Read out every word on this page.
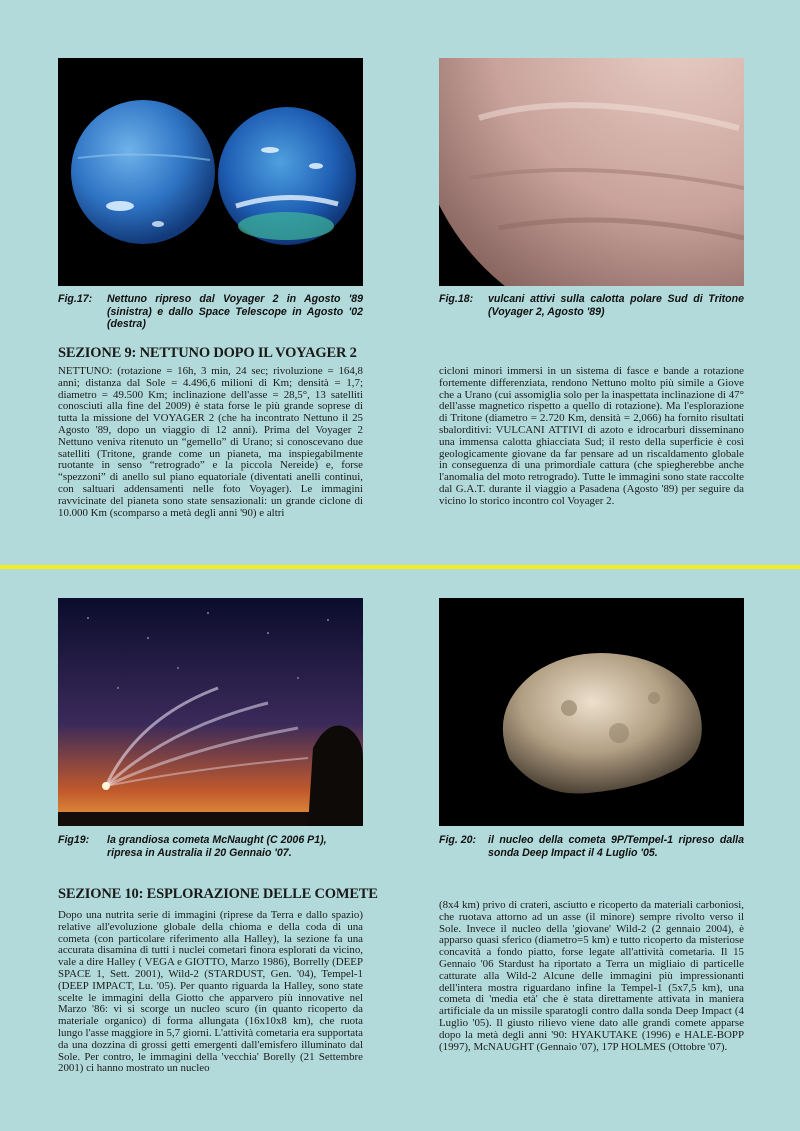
Fig.17: Nettuno ripreso dal Voyager 2 in Agosto '89 (sinistra) e dallo Space Telescope in Agosto '02 (destra)
Fig.18: vulcani attivi sulla calotta polare Sud di Tritone (Voyager 2, Agosto '89)
SEZIONE 9: NETTUNO DOPO IL VOYAGER 2
NETTUNO: (rotazione = 16h, 3 min, 24 sec; rivoluzione = 164,8 anni; distanza dal Sole = 4.496,6 milioni di Km; densità = 1,7; diametro = 49.500 Km; inclinazione dell'asse = 28,5°, 13 satelliti conosciuti alla fine del 2009) è stata forse le più grande soprese di tutta la missione del VOYAGER 2 (che ha incontrato Nettuno il 25 Agosto '89, dopo un viaggio di 12 anni). Prima del Voyager 2 Nettuno veniva ritenuto un “gemello” di Urano; si conoscevano due satelliti (Tritone, grande come un pianeta, ma inspiegabilmente ruotante in senso “retrogrado” e la piccola Nereide) e, forse “spezzoni” di anello sul piano equatoriale (diventati anelli continui, con saltuari addensamenti nelle foto Voyager). Le immagini ravvicinate del pianeta sono state sensazionali: un grande ciclone di 10.000 Km (scomparso a metà degli anni '90) e altri
cicloni minori immersi in un sistema di fasce e bande a rotazione fortemente differenziata, rendono Nettuno molto più simile a Giove che a Urano (cui assomiglia solo per la inaspettata inclinazione di 47° dell'asse magnetico rispetto a quello di rotazione). Ma l'esplorazione di Tritone (diametro = 2.720 Km, densità = 2,066) ha fornito risultati sbalorditivi: VULCANI ATTIVI di azoto e idrocarburi disseminano una immensa calotta ghiacciata Sud; il resto della superficie è così geologicamente giovane da far pensare ad un riscaldamento globale in conseguenza di una primordiale cattura (che spiegherebbe anche l'anomalia del moto retrogrado). Tutte le immagini sono state raccolte dal G.A.T. durante il viaggio a Pasadena (Agosto '89) per seguire da vicino lo storico incontro col Voyager 2.
Fig19: la grandiosa cometa McNaught (C 2006 P1), ripresa in Australia il 20 Gennaio '07.
Fig. 20: il nucleo della cometa 9P/Tempel-1 ripreso dalla sonda Deep Impact il 4 Luglio '05.
SEZIONE 10: ESPLORAZIONE DELLE COMETE
Dopo una nutrita serie di immagini (riprese da Terra e dallo spazio) relative all'evoluzione globale della chioma e della coda di una cometa (con particolare riferimento alla Halley), la sezione fa una accurata disamina di tutti i nuclei cometari finora esplorati da vicino, vale a dire Halley ( VEGA e GIOTTO, Marzo 1986), Borrelly (DEEP SPACE 1, Sett. 2001), Wild-2 (STARDUST, Gen. '04), Tempel-1 (DEEP IMPACT, Lu. '05). Per quanto riguarda la Halley, sono state scelte le immagini della Giotto che apparvero più innovative nel Marzo '86: vi si scorge un nucleo scuro (in quanto ricoperto da materiale organico) di forma allungata (16x10x8 km), che ruota lungo l'asse maggiore in 5,7 giorni. L'attività cometaria era supportata da una dozzina di grossi getti emergenti dall'emisfero illuminato dal Sole. Per contro, le immagini della 'vecchia' Borelly (21 Settembre 2001) ci hanno mostrato un nucleo
(8x4 km) privo di crateri, asciutto e ricoperto da materiali carboniosi, che ruotava attorno ad un asse (il minore) sempre rivolto verso il Sole. Invece il nucleo della 'giovane' Wild-2 (2 gennaio 2004), è apparso quasi sferico (diametro=5 km) e tutto ricoperto da misteriose concavità a fondo piatto, forse legate all'attività cometaria. Il 15 Gennaio '06 Stardust ha riportato a Terra un migliaio di particelle catturate alla Wild-2 Alcune delle immagini più impressionanti dell'intera mostra riguardano infine la Tempel-1 (5x7,5 km), una cometa di 'media età' che è stata direttamente attivata in maniera artificiale da un missile sparatogli contro dalla sonda Deep Impact (4 Luglio '05). Il giusto rilievo viene dato alle grandi comete apparse dopo la metà degli anni '90: HYAKUTAKE (1996) e HALE-BOPP (1997), McNAUGHT (Gennaio '07), 17P HOLMES (Ottobre '07).
